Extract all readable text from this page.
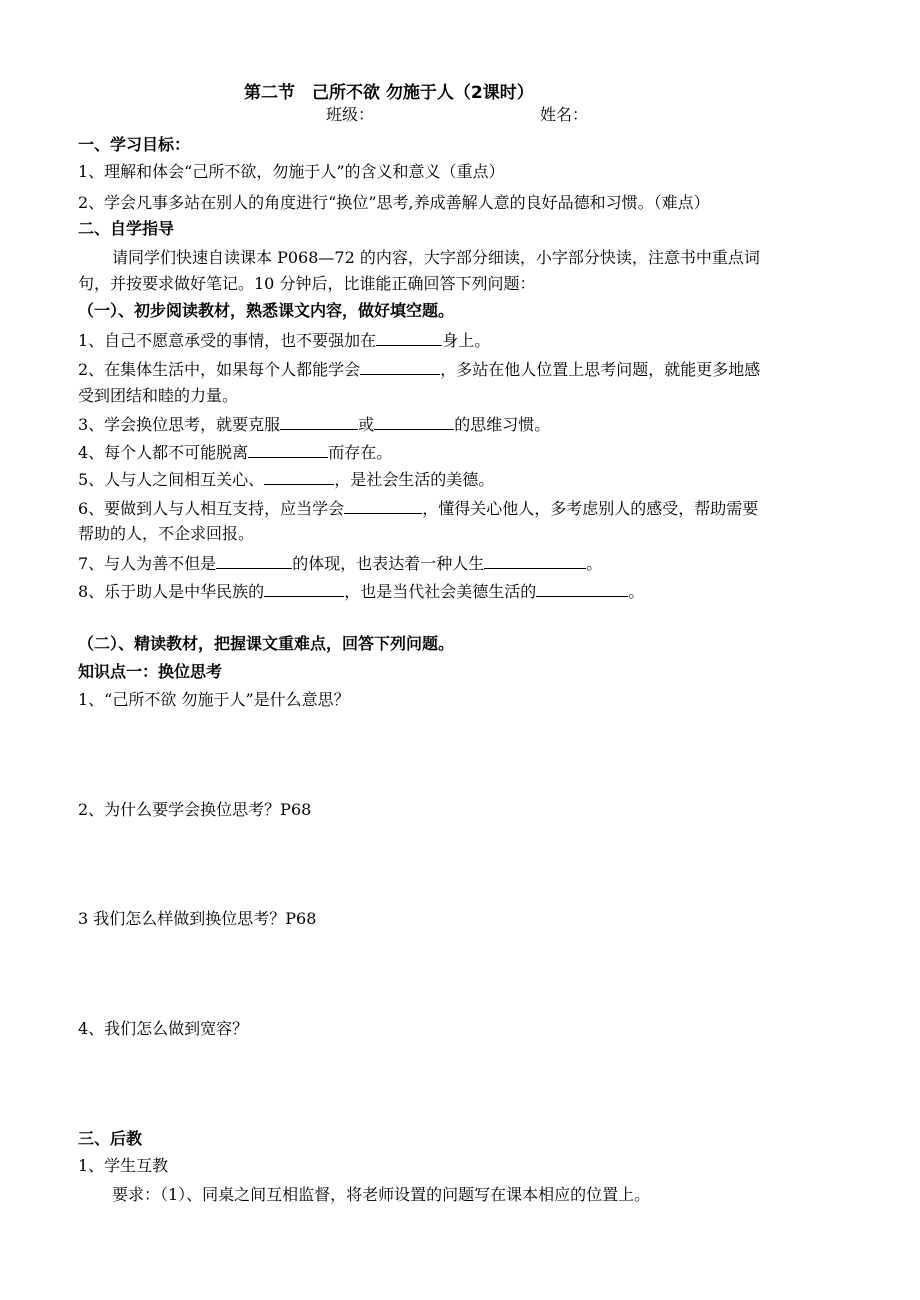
第二节　己所不欲 勿施于人（2课时）
班级：	姓名：
一、学习目标：
1、理解和体会“己所不欲，勿施于人”的含义和意义（重点）
2、学会凡事多站在别人的角度进行“换位”思考,养成善解人意的良好品德和习惯。（难点）
二、自学指导
请同学们快速自读课本 P068—72 的内容，大字部分细读，小字部分快读，注意书中重点词
句，并按要求做好笔记。10 分钟后，比谁能正确回答下列问题：
（一）、初步阅读教材，熟悉课文内容，做好填空题。
1、自己不愿意承受的事情，也不要强加在	身上。
2、在集体生活中，如果每个人都能学会	，多站在他人位置上思考问题，就能更多地感
受到团结和睦的力量。
3、学会换位思考，就要克服	或	的思维习惯。
4、每个人都不可能脱离	而存在。
5、人与人之间相互关心、	，是社会生活的美德。
6、要做到人与人相互支持，应当学会	，懂得关心他人，多考虑别人的感受，帮助需要
帮助的人，不企求回报。
7、与人为善不但是	的体现，也表达着一种人生	。
8、乐于助人是中华民族的	，也是当代社会美德生活的	。
（二）、精读教材，把握课文重难点，回答下列问题。
知识点一：换位思考
1、“己所不欲 勿施于人”是什么意思？
2、为什么要学会换位思考？P68
3 我们怎么样做到换位思考？P68
4、我们怎么做到宽容？
三、后教
1、学生互教
要求：（1）、同桌之间互相监督，将老师设置的问题写在课本相应的位置上。
